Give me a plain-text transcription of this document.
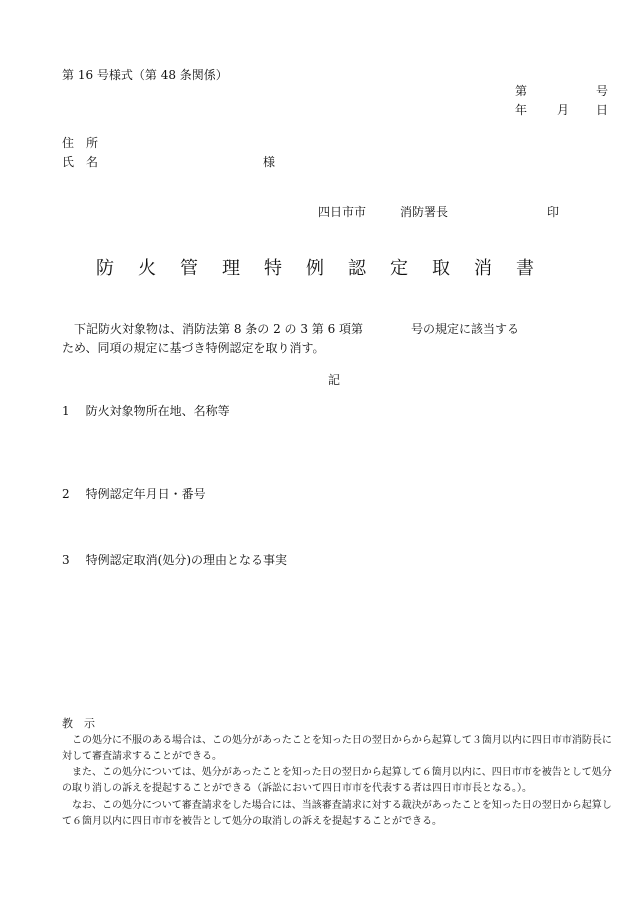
第 16 号様式（第 48 条関係）
第	号
年 月 日
住　所
氏　名	様
四日市市	消防署長	印
防火管理特例認定取消書
下記防火対象物は、消防法第 8 条の 2 の 3 第 6 項第　　　　号の規定に該当する
ため、同項の規定に基づき特例認定を取り消す。
記
1 防火対象物所在地、名称等
2 特例認定年月日・番号
3 特例認定取消(処分)の理由となる事実
教　示

この処分に不服のある場合は、この処分があったことを知った日の翌日からから起算して３箇月以内に四日市市消防長に対して審査請求することができる。

また、この処分については、処分があったことを知った日の翌日から起算して６箇月以内に、四日市市を被告として処分の取り消しの訴えを提起することができる（訴訟において四日市市を代表する者は四日市市長となる。）。

なお、この処分について審査請求をした場合には、当該審査請求に対する裁決があったことを知った日の翌日から起算して６箇月以内に四日市市を被告として処分の取消しの訴えを提起することができる。
